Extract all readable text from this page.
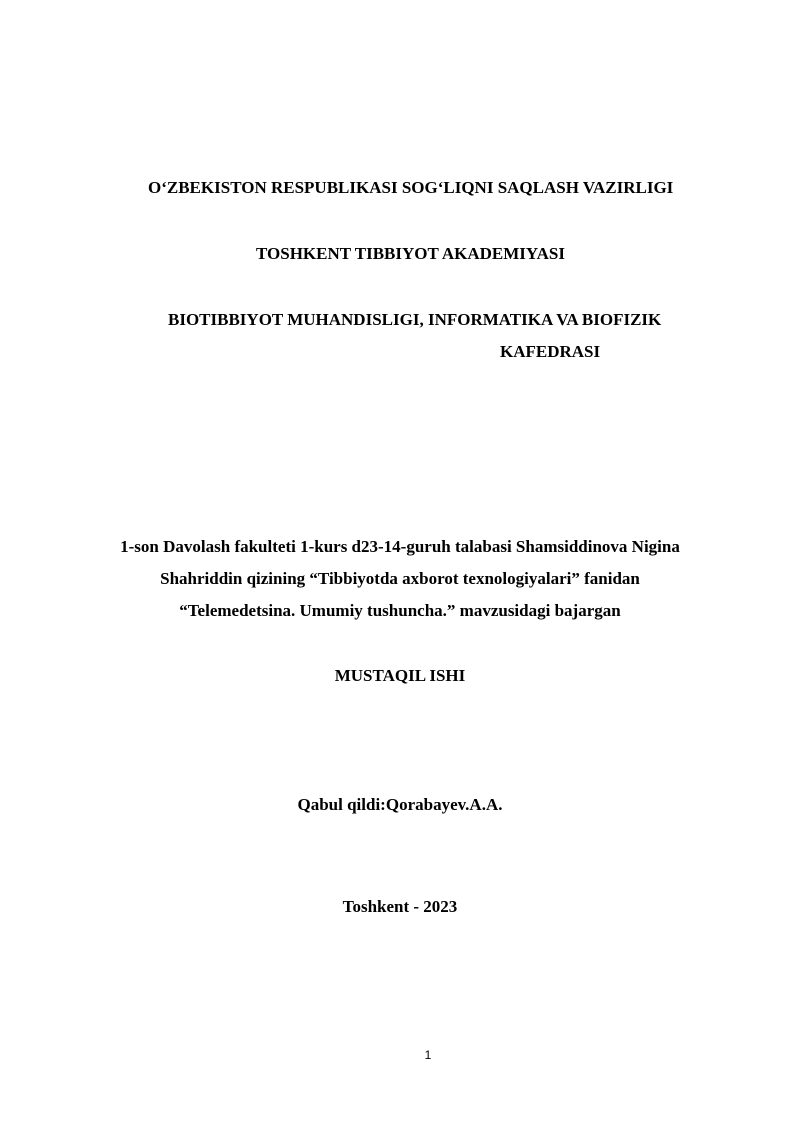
O‘ZBEKISTON RESPUBLIKASI SOG‘LIQNI SAQLASH VAZIRLIGI
TOSHKENT TIBBIYOT AKADEMIYASI
BIOTIBBIYOT MUHANDISLIGI, INFORMATIKA VA BIOFIZIK
KAFEDRASI
1-son Davolash fakulteti 1-kurs d23-14-guruh talabasi Shamsiddinova Nigina
Shahriddin qizining “Tibbiyotda axborot texnologiyalari” fanidan
“Telemedetsina. Umumiy tushuncha.” mavzusidagi bajargan
MUSTAQIL ISHI
Qabul qildi:Qorabayev.A.A.
Toshkent - 2023
1
